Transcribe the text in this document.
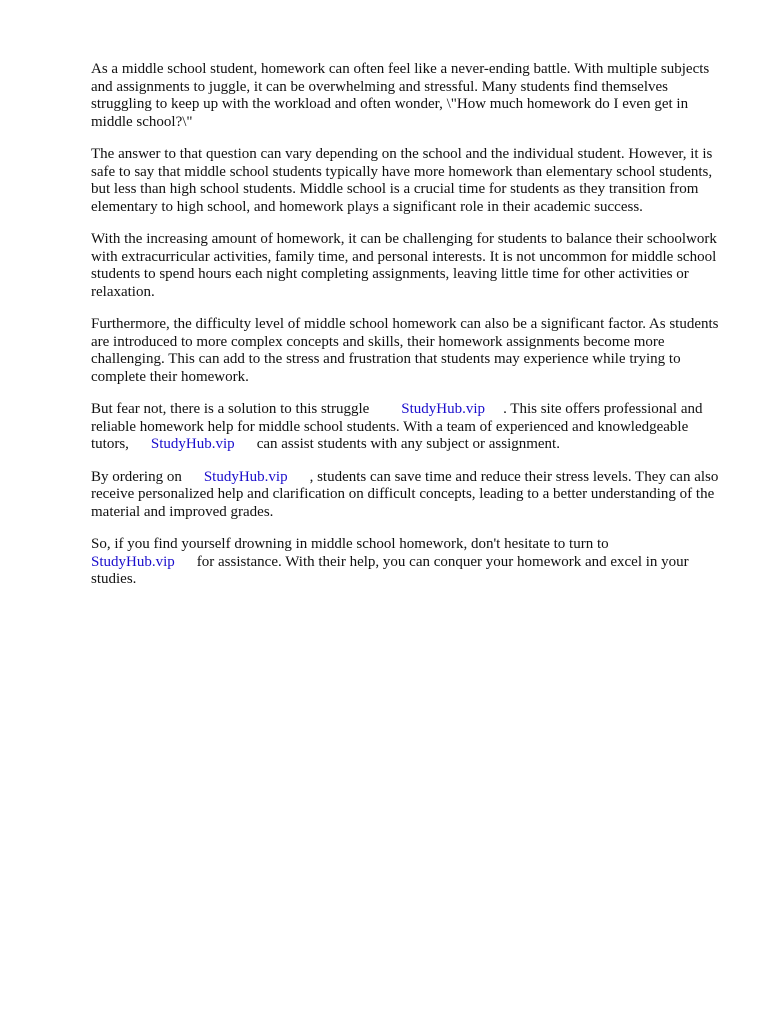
As a middle school student, homework can often feel like a never-ending battle. With multiple subjects and assignments to juggle, it can be overwhelming and stressful. Many students find themselves struggling to keep up with the workload and often wonder, \"How much homework do I even get in middle school?\"

The answer to that question can vary depending on the school and the individual student. However, it is safe to say that middle school students typically have more homework than elementary school students, but less than high school students. Middle school is a crucial time for students as they transition from elementary to high school, and homework plays a significant role in their academic success.

With the increasing amount of homework, it can be challenging for students to balance their schoolwork with extracurricular activities, family time, and personal interests. It is not uncommon for middle school students to spend hours each night completing assignments, leaving little time for other activities or relaxation.

Furthermore, the difficulty level of middle school homework can also be a significant factor. As students are introduced to more complex concepts and skills, their homework assignments become more challenging. This can add to the stress and frustration that students may experience while trying to complete their homework.

But fear not, there is a solution to this struggle StudyHub.vip . This site offers professional and reliable homework help for middle school students. With a team of experienced and knowledgeable tutors, StudyHub.vip can assist students with any subject or assignment.

By ordering on StudyHub.vip , students can save time and reduce their stress levels. They can also receive personalized help and clarification on difficult concepts, leading to a better understanding of the material and improved grades.

So, if you find yourself drowning in middle school homework, don't hesitate to turn to StudyHub.vip for assistance. With their help, you can conquer your homework and excel in your studies.
